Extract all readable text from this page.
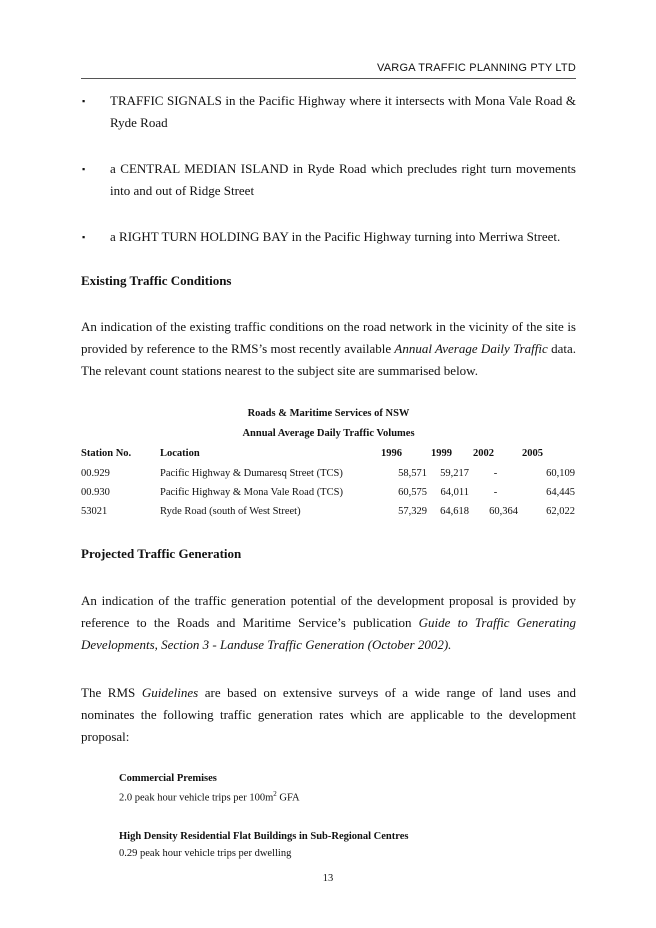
VARGA TRAFFIC PLANNING PTY LTD
▪ TRAFFIC SIGNALS in the Pacific Highway where it intersects with Mona Vale Road & Ryde Road
▪ a CENTRAL MEDIAN ISLAND in Ryde Road which precludes right turn movements into and out of Ridge Street
▪ a RIGHT TURN HOLDING BAY in the Pacific Highway turning into Merriwa Street.
Existing Traffic Conditions
An indication of the existing traffic conditions on the road network in the vicinity of the site is provided by reference to the RMS’s most recently available Annual Average Daily Traffic data. The relevant count stations nearest to the subject site are summarised below.
Roads & Maritime Services of NSW
Annual Average Daily Traffic Volumes
Station No.	Location	1996	1999	2002	2005
00.929	Pacific Highway & Dumaresq Street (TCS)	58,571	59,217	-	60,109
00.930	Pacific Highway & Mona Vale Road (TCS)	60,575	64,011	-	64,445
53021	Ryde Road (south of West Street)	57,329	64,618	60,364	62,022
Projected Traffic Generation
An indication of the traffic generation potential of the development proposal is provided by reference to the Roads and Maritime Service’s publication Guide to Traffic Generating Developments, Section 3 - Landuse Traffic Generation (October 2002).
The RMS Guidelines are based on extensive surveys of a wide range of land uses and nominates the following traffic generation rates which are applicable to the development proposal:
Commercial Premises
2.0 peak hour vehicle trips per $100m^2$ GFA
High Density Residential Flat Buildings in Sub-Regional Centres
0.29 peak hour vehicle trips per dwelling
13
